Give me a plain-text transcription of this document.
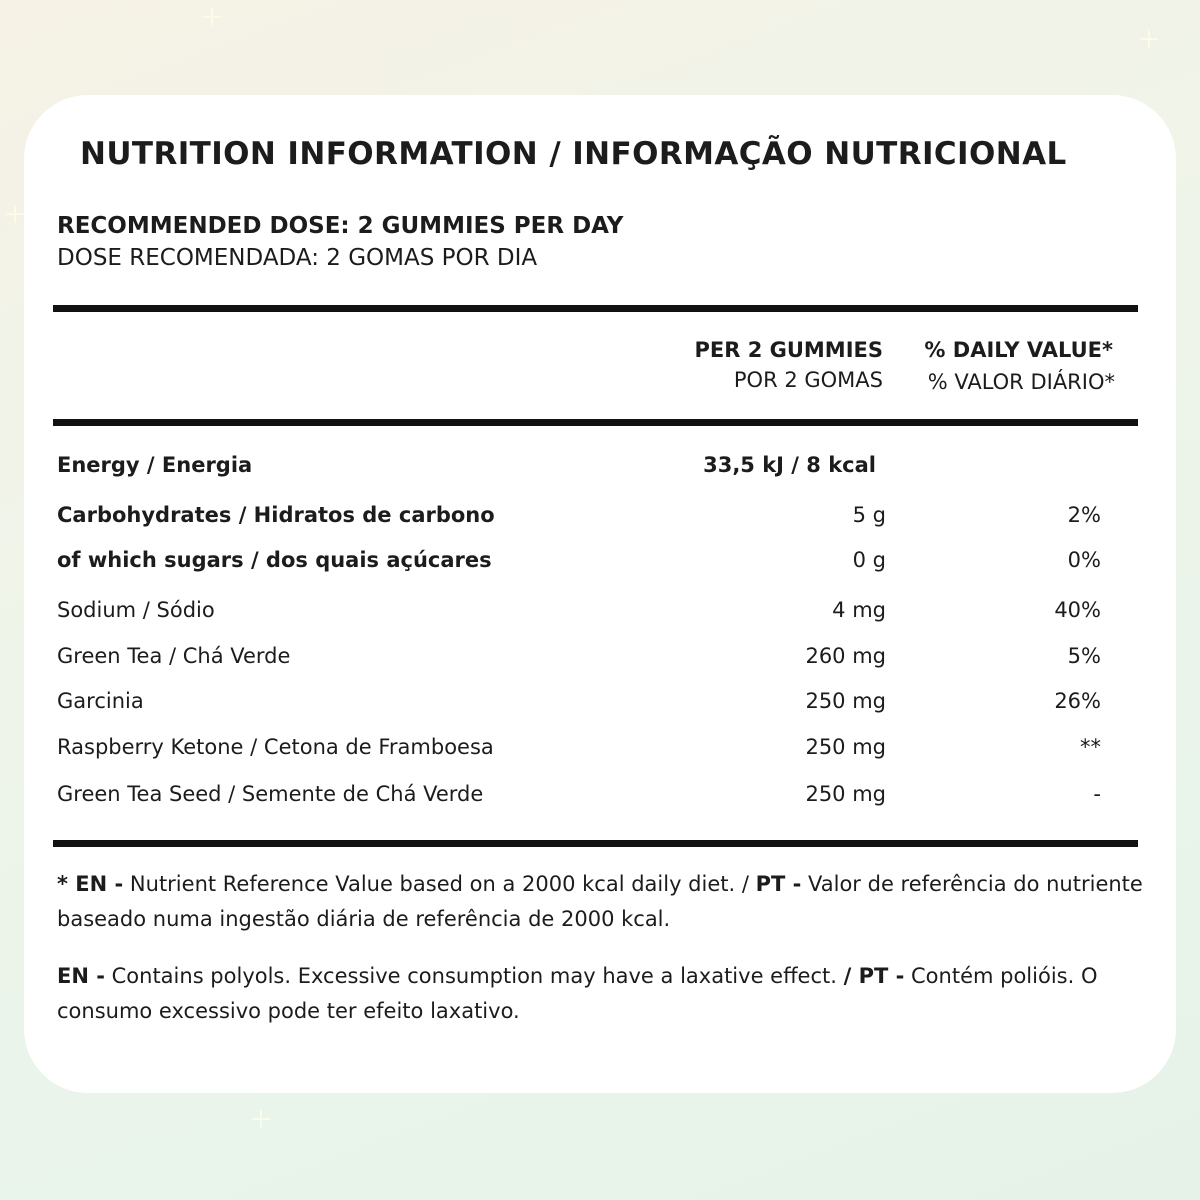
NUTRITION INFORMATION / INFORMAÇÃO NUTRICIONAL
RECOMMENDED DOSE: 2 GUMMIES PER DAY
DOSE RECOMENDADA: 2 GOMAS POR DIA
PER 2 GUMMIES
POR 2 GOMAS
% DAILY VALUE*
% VALOR DIÁRIO*
Energy / Energia	33,5 kJ / 8 kcal
Carbohydrates / Hidratos de carbono	5 g	2%
of which sugars / dos quais açúcares	0 g	0%
Sodium / Sódio	4 mg	40%
Green Tea / Chá Verde	260 mg	5%
Garcinia	250 mg	26%
Raspberry Ketone / Cetona de Framboesa	250 mg	**
Green Tea Seed / Semente de Chá Verde	250 mg	-
* EN - Nutrient Reference Value based on a 2000 kcal daily diet. / PT - Valor de referência do nutriente baseado numa ingestão diária de referência de 2000 kcal.
EN - Contains polyols. Excessive consumption may have a laxative effect. / PT - Contém polióis. O consumo excessivo pode ter efeito laxativo.
